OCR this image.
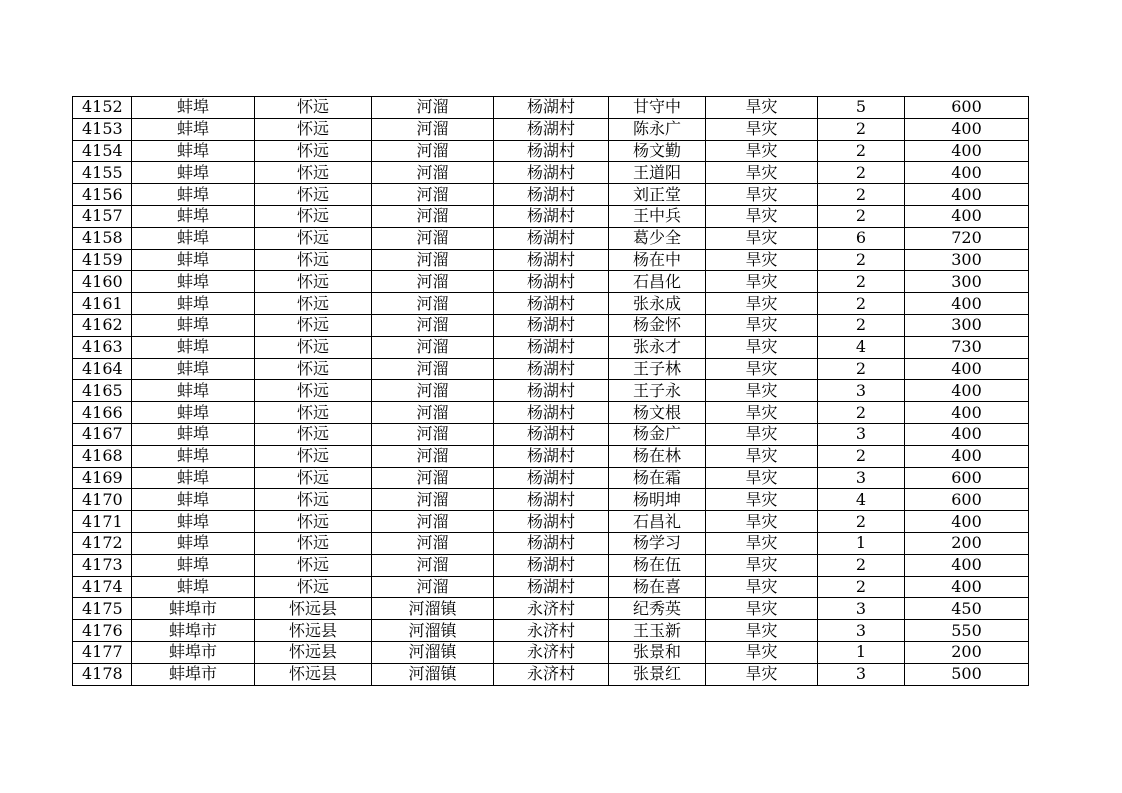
4152	蚌埠	怀远	河溜	杨湖村	甘守中	旱灾	5	600
4153	蚌埠	怀远	河溜	杨湖村	陈永广	旱灾	2	400
4154	蚌埠	怀远	河溜	杨湖村	杨文勤	旱灾	2	400
4155	蚌埠	怀远	河溜	杨湖村	王道阳	旱灾	2	400
4156	蚌埠	怀远	河溜	杨湖村	刘正堂	旱灾	2	400
4157	蚌埠	怀远	河溜	杨湖村	王中兵	旱灾	2	400
4158	蚌埠	怀远	河溜	杨湖村	葛少全	旱灾	6	720
4159	蚌埠	怀远	河溜	杨湖村	杨在中	旱灾	2	300
4160	蚌埠	怀远	河溜	杨湖村	石昌化	旱灾	2	300
4161	蚌埠	怀远	河溜	杨湖村	张永成	旱灾	2	400
4162	蚌埠	怀远	河溜	杨湖村	杨金怀	旱灾	2	300
4163	蚌埠	怀远	河溜	杨湖村	张永才	旱灾	4	730
4164	蚌埠	怀远	河溜	杨湖村	王子林	旱灾	2	400
4165	蚌埠	怀远	河溜	杨湖村	王子永	旱灾	3	400
4166	蚌埠	怀远	河溜	杨湖村	杨文根	旱灾	2	400
4167	蚌埠	怀远	河溜	杨湖村	杨金广	旱灾	3	400
4168	蚌埠	怀远	河溜	杨湖村	杨在林	旱灾	2	400
4169	蚌埠	怀远	河溜	杨湖村	杨在霜	旱灾	3	600
4170	蚌埠	怀远	河溜	杨湖村	杨明坤	旱灾	4	600
4171	蚌埠	怀远	河溜	杨湖村	石昌礼	旱灾	2	400
4172	蚌埠	怀远	河溜	杨湖村	杨学习	旱灾	1	200
4173	蚌埠	怀远	河溜	杨湖村	杨在伍	旱灾	2	400
4174	蚌埠	怀远	河溜	杨湖村	杨在喜	旱灾	2	400
4175	蚌埠市	怀远县	河溜镇	永济村	纪秀英	旱灾	3	450
4176	蚌埠市	怀远县	河溜镇	永济村	王玉新	旱灾	3	550
4177	蚌埠市	怀远县	河溜镇	永济村	张景和	旱灾	1	200
4178	蚌埠市	怀远县	河溜镇	永济村	张景红	旱灾	3	500
